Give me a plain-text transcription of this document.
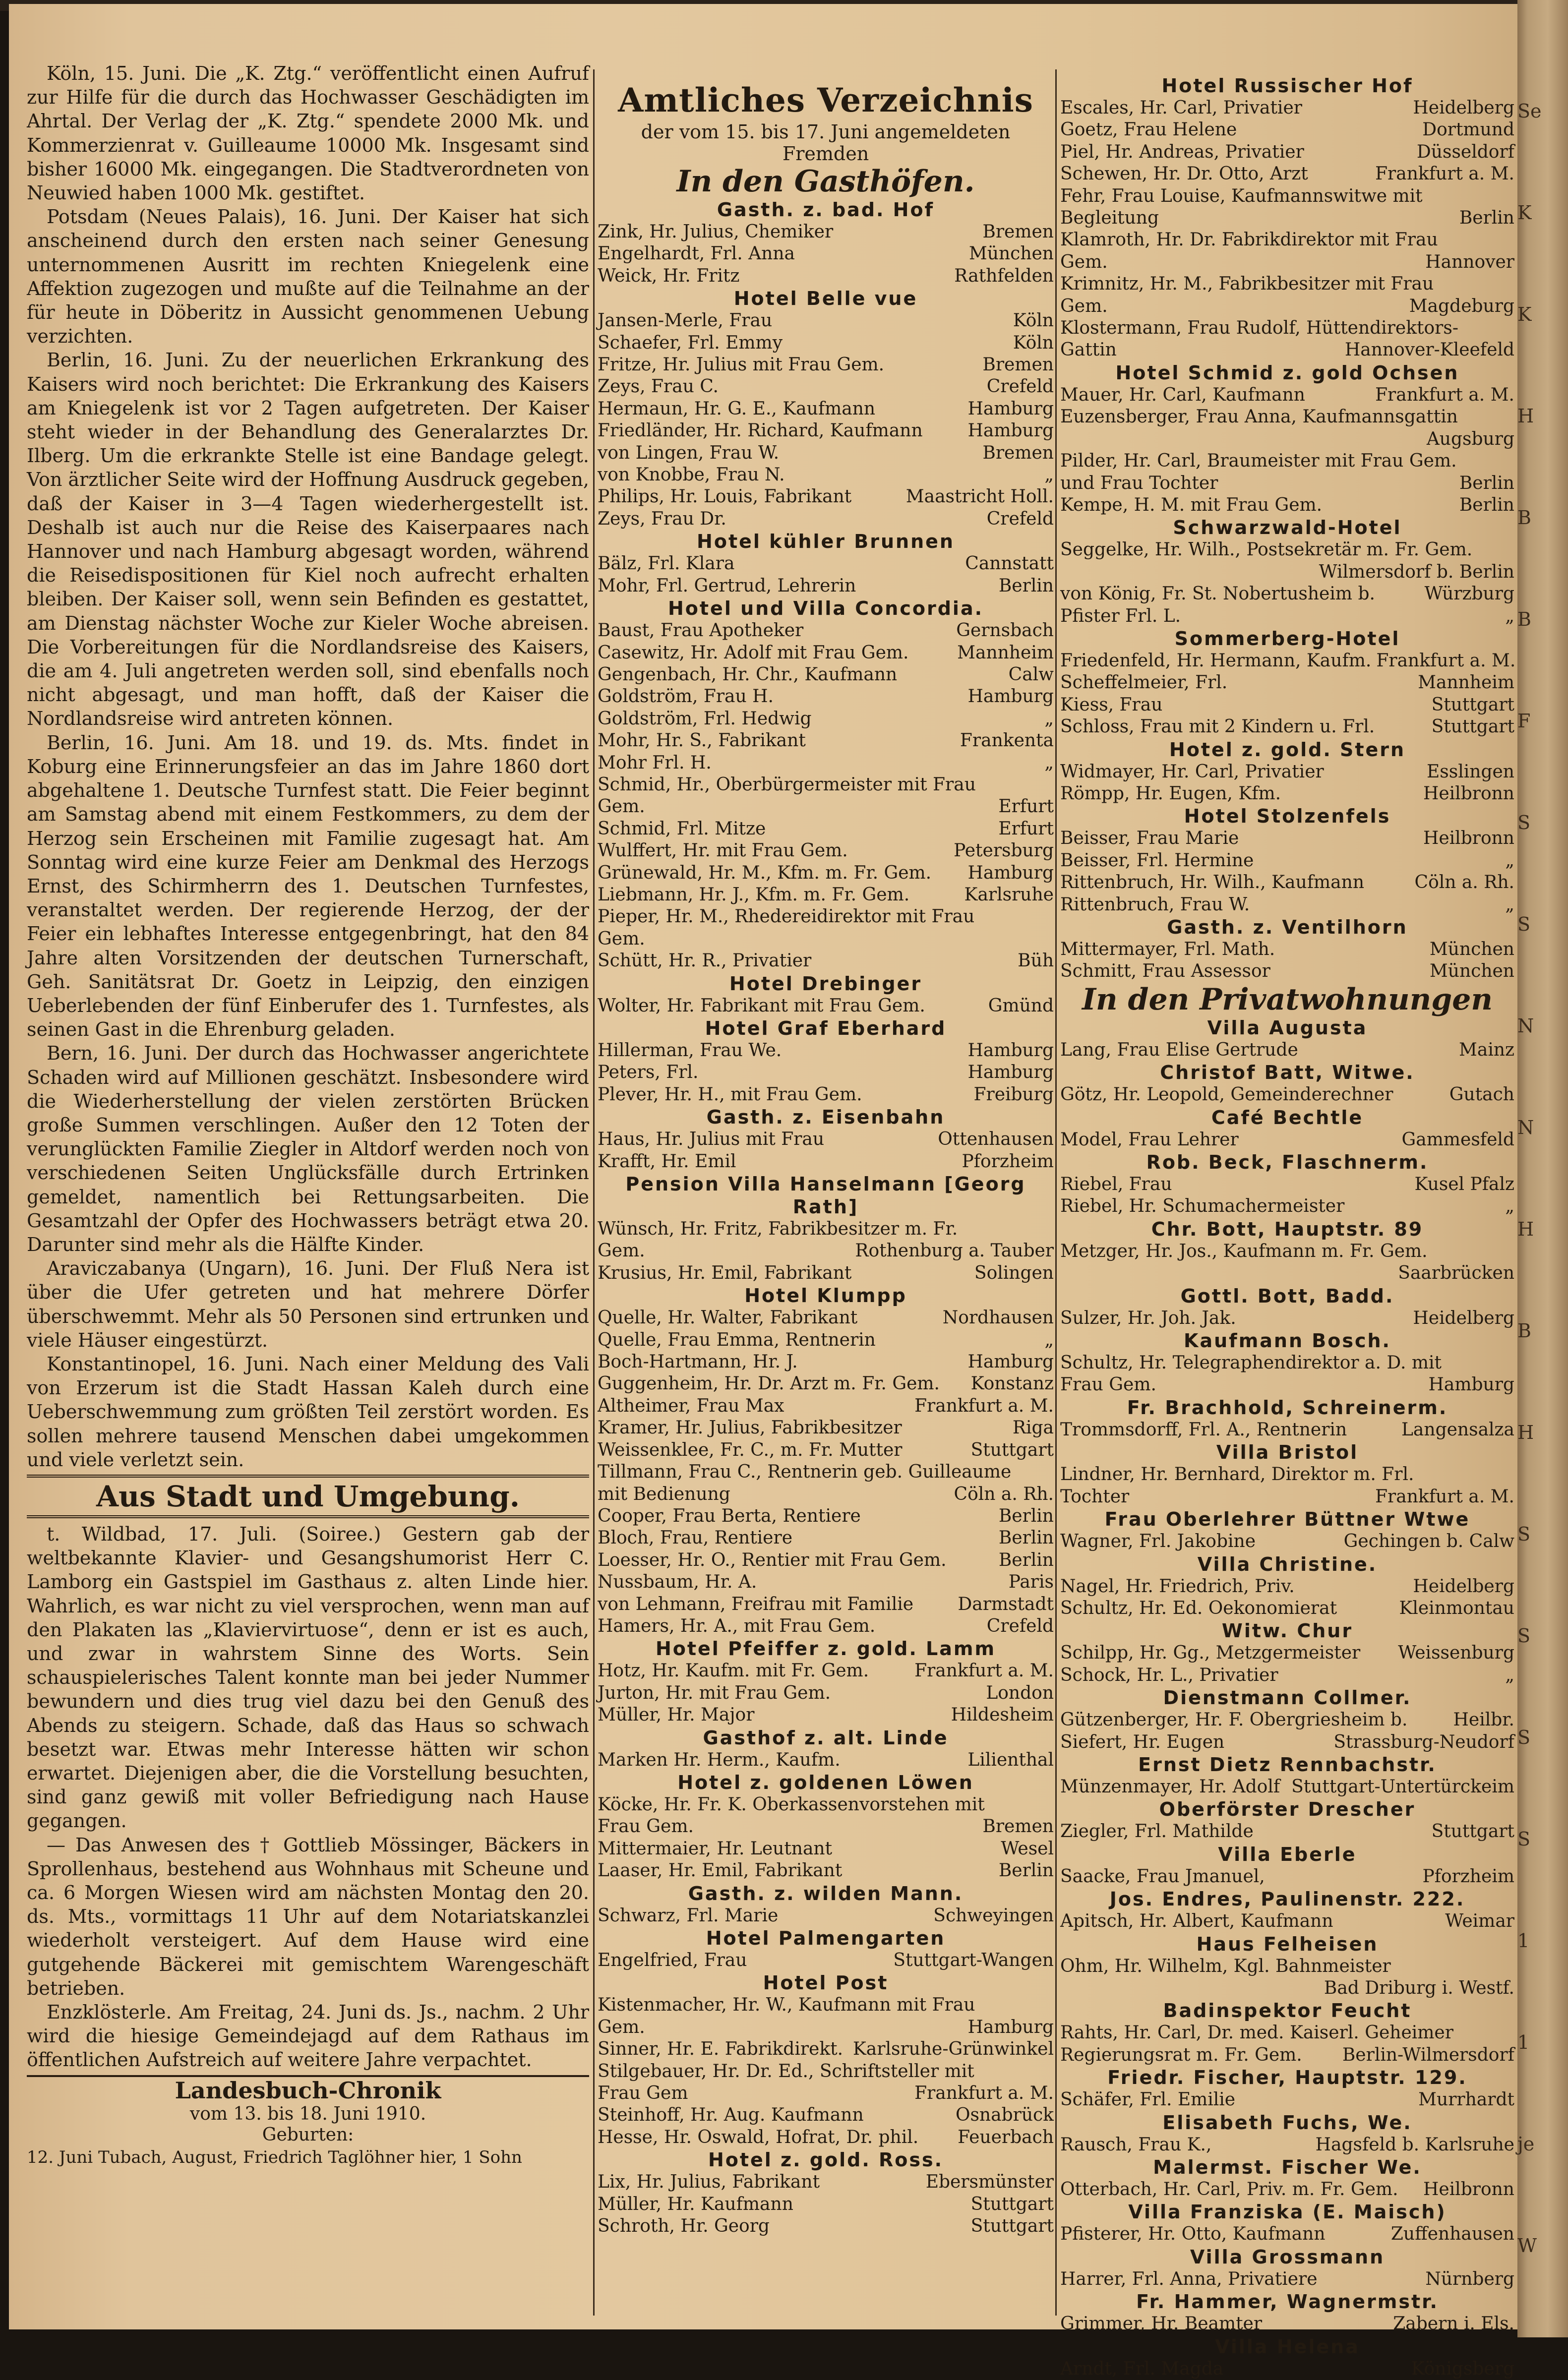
Köln, 15. Juni. Die „K. Ztg.“ veröffentlicht einen Aufruf zur Hilfe für die durch das Hochwasser Geschädigten im Ahrtal. Der Verlag der „K. Ztg.“ spendete 2000 Mk. und Kommerzienrat v. Guilleaume 10000 Mk. Insgesamt sind bisher 16000 Mk. eingegangen. Die Stadtverordneten von Neuwied haben 1000 Mk. gestiftet.

Potsdam (Neues Palais), 16. Juni. Der Kaiser hat sich anscheinend durch den ersten nach seiner Genesung unternommenen Ausritt im rechten Kniegelenk eine Affektion zugezogen und mußte auf die Teilnahme an der für heute in Döberitz in Aussicht genommenen Uebung verzichten.

Berlin, 16. Juni. Zu der neuerlichen Erkrankung des Kaisers wird noch berichtet: Die Erkrankung des Kaisers am Kniegelenk ist vor 2 Tagen aufgetreten. Der Kaiser steht wieder in der Behandlung des Generalarztes Dr. Ilberg. Um die erkrankte Stelle ist eine Bandage gelegt. Von ärztlicher Seite wird der Hoffnung Ausdruck gegeben, daß der Kaiser in 3—4 Tagen wiederhergestellt ist. Deshalb ist auch nur die Reise des Kaiserpaares nach Hannover und nach Hamburg abgesagt worden, während die Reisedispositionen für Kiel noch aufrecht erhalten bleiben. Der Kaiser soll, wenn sein Befinden es gestattet, am Dienstag nächster Woche zur Kieler Woche abreisen. Die Vorbereitungen für die Nordlandsreise des Kaisers, die am 4. Juli angetreten werden soll, sind ebenfalls noch nicht abgesagt, und man hofft, daß der Kaiser die Nordlandsreise wird antreten können.

Berlin, 16. Juni. Am 18. und 19. ds. Mts. findet in Koburg eine Erinnerungsfeier an das im Jahre 1860 dort abgehaltene 1. Deutsche Turnfest statt. Die Feier beginnt am Samstag abend mit einem Festkommers, zu dem der Herzog sein Erscheinen mit Familie zugesagt hat. Am Sonntag wird eine kurze Feier am Denkmal des Herzogs Ernst, des Schirmherrn des 1. Deutschen Turnfestes, veranstaltet werden. Der regierende Herzog, der der Feier ein lebhaftes Interesse entgegenbringt, hat den 84 Jahre alten Vorsitzenden der deutschen Turnerschaft, Geh. Sanitätsrat Dr. Goetz in Leipzig, den einzigen Ueberlebenden der fünf Einberufer des 1. Turnfestes, als seinen Gast in die Ehrenburg geladen.

Bern, 16. Juni. Der durch das Hochwasser angerichtete Schaden wird auf Millionen geschätzt. Insbesondere wird die Wiederherstellung der vielen zerstörten Brücken große Summen verschlingen. Außer den 12 Toten der verunglückten Familie Ziegler in Altdorf werden noch von verschiedenen Seiten Unglücksfälle durch Ertrinken gemeldet, namentlich bei Rettungsarbeiten. Die Gesamtzahl der Opfer des Hochwassers beträgt etwa 20. Darunter sind mehr als die Hälfte Kinder.

Araviczabanya (Ungarn), 16. Juni. Der Fluß Nera ist über die Ufer getreten und hat mehrere Dörfer überschwemmt. Mehr als 50 Personen sind ertrunken und viele Häuser eingestürzt.

Konstantinopel, 16. Juni. Nach einer Meldung des Vali von Erzerum ist die Stadt Hassan Kaleh durch eine Ueberschwemmung zum größten Teil zerstört worden. Es sollen mehrere tausend Menschen dabei umgekommen und viele verletzt sein.

Aus Stadt und Umgebung.

t. Wildbad, 17. Juli. (Soiree.) Gestern gab der weltbekannte Klavier- und Gesangshumorist Herr C. Lamborg ein Gastspiel im Gasthaus z. alten Linde hier. Wahrlich, es war nicht zu viel versprochen, wenn man auf den Plakaten las „Klaviervirtuose“, denn er ist es auch, und zwar in wahrstem Sinne des Worts. Sein schauspielerisches Talent konnte man bei jeder Nummer bewundern und dies trug viel dazu bei den Genuß des Abends zu steigern. Schade, daß das Haus so schwach besetzt war. Etwas mehr Interesse hätten wir schon erwartet. Diejenigen aber, die die Vorstellung besuchten, sind ganz gewiß mit voller Befriedigung nach Hause gegangen.

— Das Anwesen des † Gottlieb Mössinger, Bäckers in Sprollenhaus, bestehend aus Wohnhaus mit Scheune und ca. 6 Morgen Wiesen wird am nächsten Montag den 20. ds. Mts., vormittags 11 Uhr auf dem Notariatskanzlei wiederholt versteigert. Auf dem Hause wird eine gutgehende Bäckerei mit gemischtem Warengeschäft betrieben.

Enzklösterle. Am Freitag, 24. Juni ds. Js., nachm. 2 Uhr wird die hiesige Gemeindejagd auf dem Rathaus im öffentlichen Aufstreich auf weitere Jahre verpachtet.

Landesbuch-Chronik
vom 13. bis 18. Juni 1910.
Geburten:
12. Juni Tubach, August, Friedrich Taglöhner hier, 1 Sohn
Amtliches Verzeichnis
der vom 15. bis 17. Juni angemeldeten Fremden
In den Gasthöfen.
Gasth. z. bad. Hof
Zink, Hr. Julius, Chemiker	Bremen
Engelhardt, Frl. Anna	München
Weick, Hr. Fritz	Rathfelden
Hotel Belle vue
Jansen-Merle, Frau	Köln
Schaefer, Frl. Emmy	Köln
Fritze, Hr. Julius mit Frau Gem.	Bremen
Zeys, Frau C.	Crefeld
Hermaun, Hr. G. E., Kaufmann	Hamburg
Friedländer, Hr. Richard, Kaufmann	Hamburg
von Lingen, Frau W.	Bremen
von Knobbe, Frau N.	„
Philips, Hr. Louis, Fabrikant	Maastricht Holl.
Zeys, Frau Dr.	Crefeld
Hotel kühler Brunnen
Bälz, Frl. Klara	Cannstatt
Mohr, Frl. Gertrud, Lehrerin	Berlin
Hotel und Villa Concordia.
Baust, Frau Apotheker	Gernsbach
Casewitz, Hr. Adolf mit Frau Gem.	Mannheim
Gengenbach, Hr. Chr., Kaufmann	Calw
Goldström, Frau H.	Hamburg
Goldström, Frl. Hedwig	„
Mohr, Hr. S., Fabrikant	Frankenta
Mohr Frl. H.	„
Schmid, Hr., Oberbürgermeister mit Frau
Gem.	Erfurt
Schmid, Frl. Mitze	Erfurt
Wulffert, Hr. mit Frau Gem.	Petersburg
Grünewald, Hr. M., Kfm. m. Fr. Gem. Hamburg
Liebmann, Hr. J., Kfm. m. Fr. Gem.	Karlsruhe
Pieper, Hr. M., Rhedereidirektor mit Frau
Gem.
Schütt, Hr. R., Privatier	Büh
Hotel Drebinger
Wolter, Hr. Fabrikant mit Frau Gem.	Gmünd
Hotel Graf Eberhard
Hillerman, Frau We.	Hamburg
Peters, Frl.	Hamburg
Plever, Hr. H., mit Frau Gem.	Freiburg
Gasth. z. Eisenbahn
Haus, Hr. Julius mit Frau	Ottenhausen
Krafft, Hr. Emil	Pforzheim
Pension Villa Hanselmann [Georg Rath]
Wünsch, Hr. Fritz, Fabrikbesitzer m. Fr.
Gem.	Rothenburg a. Tauber
Krusius, Hr. Emil, Fabrikant	Solingen
Hotel Klumpp
Quelle, Hr. Walter, Fabrikant	Nordhausen
Quelle, Frau Emma, Rentnerin	„
Boch-Hartmann, Hr. J.	Hamburg
Guggenheim, Hr. Dr. Arzt m. Fr. Gem. Konstanz
Altheimer, Frau Max	Frankfurt a. M.
Kramer, Hr. Julius, Fabrikbesitzer	Riga
Weissenklee, Fr. C., m. Fr. Mutter	Stuttgart
Tillmann, Frau C., Rentnerin geb. Guilleaume
mit Bedienung	Cöln a. Rh.
Cooper, Frau Berta, Rentiere	Berlin
Bloch, Frau, Rentiere	Berlin
Loesser, Hr. O., Rentier mit Frau Gem.	Berlin
Nussbaum, Hr. A.	Paris
von Lehmann, Freifrau mit Familie Darmstadt
Hamers, Hr. A., mit Frau Gem.	Crefeld
Hotel Pfeiffer z. gold. Lamm
Hotz, Hr. Kaufm. mit Fr. Gem.	Frankfurt a. M.
Jurton, Hr. mit Frau Gem.	London
Müller, Hr. Major	Hildesheim
Gasthof z. alt. Linde
Marken Hr. Herm., Kaufm.	Lilienthal
Hotel z. goldenen Löwen
Köcke, Hr. Fr. K. Oberkassenvorstehen mit
Frau Gem.	Bremen
Mittermaier, Hr. Leutnant	Wesel
Laaser, Hr. Emil, Fabrikant	Berlin
Gasth. z. wilden Mann.
Schwarz, Frl. Marie	Schweyingen
Hotel Palmengarten
Engelfried, Frau	Stuttgart-Wangen
Hotel Post
Kistenmacher, Hr. W., Kaufmann mit Frau
Gem.	Hamburg
Sinner, Hr. E. Fabrikdirekt. Karlsruhe-Grünwinkel
Stilgebauer, Hr. Dr. Ed., Schriftsteller mit
Frau Gem	Frankfurt a. M.
Steinhoff, Hr. Aug. Kaufmann	Osnabrück
Hesse, Hr. Oswald, Hofrat, Dr. phil. Feuerbach
Hotel z. gold. Ross.
Lix, Hr. Julius, Fabrikant	Ebersmünster
Müller, Hr. Kaufmann	Stuttgart
Schroth, Hr. Georg	Stuttgart
Hotel Russischer Hof
Escales, Hr. Carl, Privatier	Heidelberg
Goetz, Frau Helene	Dortmund
Piel, Hr. Andreas, Privatier	Düsseldorf
Schewen, Hr. Dr. Otto, Arzt	Frankfurt a. M.
Fehr, Frau Louise, Kaufmannswitwe mit
Begleitung	Berlin
Klamroth, Hr. Dr. Fabrikdirektor mit Frau
Gem.	Hannover
Krimnitz, Hr. M., Fabrikbesitzer mit Frau
Gem.	Magdeburg
Klostermann, Frau Rudolf, Hüttendirektors-
Gattin	Hannover-Kleefeld
Hotel Schmid z. gold Ochsen
Mauer, Hr. Carl, Kaufmann	Frankfurt a. M.
Euzensberger, Frau Anna, Kaufmannsgattin
Augsburg
Pilder, Hr. Carl, Braumeister mit Frau Gem.
und Frau Tochter	Berlin
Kempe, H. M. mit Frau Gem.	Berlin
Schwarzwald-Hotel
Seggelke, Hr. Wilh., Postsekretär m. Fr. Gem.
Wilmersdorf b. Berlin
von König, Fr. St. Nobertusheim b.	Würzburg
Pfister Frl. L.	„
Sommerberg-Hotel
Friedenfeld, Hr. Hermann, Kaufm. Frankfurt a. M.
Scheffelmeier, Frl.	Mannheim
Kiess, Frau	Stuttgart
Schloss, Frau mit 2 Kindern u. Frl.	Stuttgart
Hotel z. gold. Stern
Widmayer, Hr. Carl, Privatier	Esslingen
Römpp, Hr. Eugen, Kfm.	Heilbronn
Hotel Stolzenfels
Beisser, Frau Marie	Heilbronn
Beisser, Frl. Hermine	„
Rittenbruch, Hr. Wilh., Kaufmann	Cöln a. Rh.
Rittenbruch, Frau W.	„
Gasth. z. Ventilhorn
Mittermayer, Frl. Math.	München
Schmitt, Frau Assessor	München
In den Privatwohnungen
Villa Augusta
Lang, Frau Elise Gertrude	Mainz
Christof Batt, Witwe.
Götz, Hr. Leopold, Gemeinderechner	Gutach
Café Bechtle
Model, Frau Lehrer	Gammesfeld
Rob. Beck, Flaschnerm.
Riebel, Frau	Kusel Pfalz
Riebel, Hr. Schumachermeister	„
Chr. Bott, Hauptstr. 89
Metzger, Hr. Jos., Kaufmann m. Fr. Gem.
Saarbrücken
Gottl. Bott, Badd.
Sulzer, Hr. Joh. Jak.	Heidelberg
Kaufmann Bosch.
Schultz, Hr. Telegraphendirektor a. D. mit
Frau Gem.	Hamburg
Fr. Brachhold, Schreinerm.
Trommsdorff, Frl. A., Rentnerin	Langensalza
Villa Bristol
Lindner, Hr. Bernhard, Direktor m. Frl.
Tochter	Frankfurt a. M.
Frau Oberlehrer Büttner Wtwe
Wagner, Frl. Jakobine	Gechingen b. Calw
Villa Christine.
Nagel, Hr. Friedrich, Priv.	Heidelberg
Schultz, Hr. Ed. Oekonomierat	Kleinmontau
Witw. Chur
Schilpp, Hr. Gg., Metzgermeister Weissenburg
Schock, Hr. L., Privatier	„
Dienstmann Collmer.
Gützenberger, Hr. F. Obergriesheim b.	Heilbr.
Siefert, Hr. Eugen	Strassburg-Neudorf
Ernst Dietz Rennbachstr.
Münzenmayer, Hr. Adolf Stuttgart-Untertürckeim
Oberförster Drescher
Ziegler, Frl. Mathilde	Stuttgart
Villa Eberle
Saacke, Frau Jmanuel,	Pforzheim
Jos. Endres, Paulinenstr. 222.
Apitsch, Hr. Albert, Kaufmann	Weimar
Haus Felheisen
Ohm, Hr. Wilhelm, Kgl. Bahnmeister
Bad Driburg i. Westf.
Badinspektor Feucht
Rahts, Hr. Carl, Dr. med. Kaiserl. Geheimer
Regierungsrat m. Fr. Gem. Berlin-Wilmersdorf
Friedr. Fischer, Hauptstr. 129.
Schäfer, Frl. Emilie	Murrhardt
Elisabeth Fuchs, We.
Rausch, Frau K.,	Hagsfeld b. Karlsruhe
Malermst. Fischer We.
Otterbach, Hr. Carl, Priv. m. Fr. Gem. Heilbronn
Villa Franziska (E. Maisch)
Pfisterer, Hr. Otto, Kaufmann	Zuffenhausen
Villa Grossmann
Harrer, Frl. Anna, Privatiere	Nürnberg
Fr. Hammer, Wagnermstr.
Grimmer, Hr. Beamter	Zabern i. Els.
Villa Helena
Arndt, Frl. Magda	Königsberg
Se
K
K
H
B
B
F
S
S
N
N
H
B
H
S
S
S
S
1
1
je
W
